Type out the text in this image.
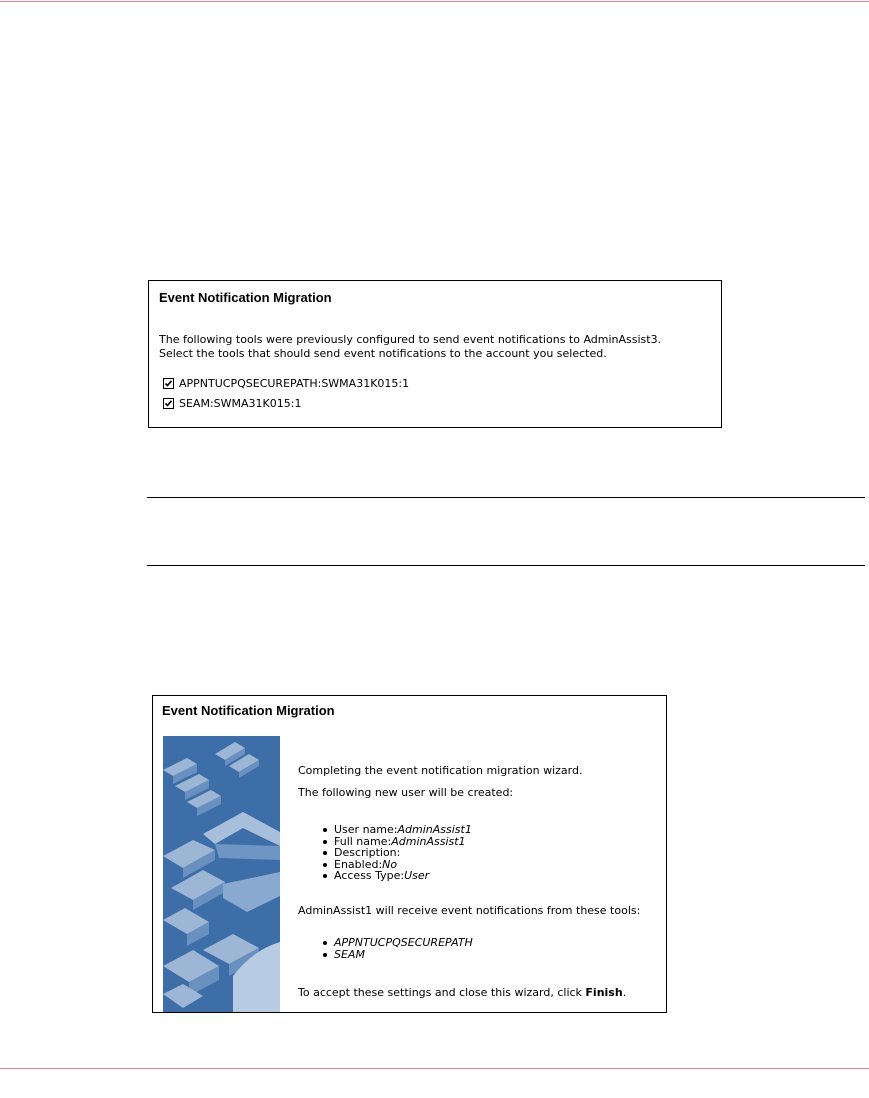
Event Notification Migration
The following tools were previously configured to send event notifications to AdminAssist3.
Select the tools that should send event notifications to the account you selected.
APPNTUCPQSECUREPATH:SWMA31K015:1
SEAM:SWMA31K015:1
Event Notification Migration
Completing the event notification migration wizard.
The following new user will be created:
User name:AdminAssist1
Full name:AdminAssist1
Description:
Enabled:No
Access Type:User
AdminAssist1 will receive event notifications from these tools:
APPNTUCPQSECUREPATH
SEAM
To accept these settings and close this wizard, click Finish.
